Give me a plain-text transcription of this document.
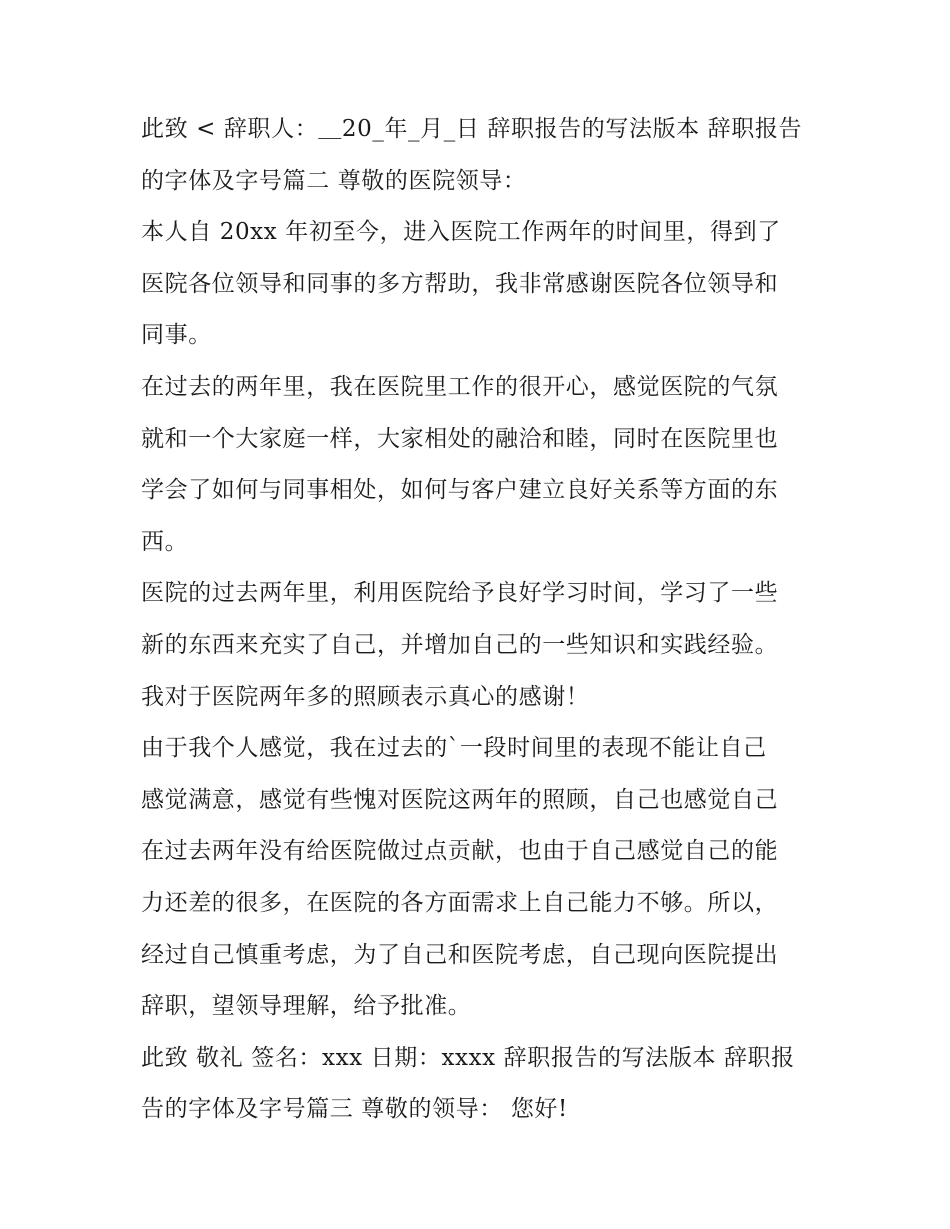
此致 < 辞职人：＿20_年_月_日 辞职报告的写法版本 辞职报告
的字体及字号篇二 尊敬的医院领导：

本人自 20xx 年初至今，进入医院工作两年的时间里，得到了
医院各位领导和同事的多方帮助，我非常感谢医院各位领导和
同事。

在过去的两年里，我在医院里工作的很开心，感觉医院的气氛
就和一个大家庭一样，大家相处的融洽和睦，同时在医院里也
学会了如何与同事相处，如何与客户建立良好关系等方面的东
西。

医院的过去两年里，利用医院给予良好学习时间，学习了一些
新的东西来充实了自己，并增加自己的一些知识和实践经验。
我对于医院两年多的照顾表示真心的感谢！

由于我个人感觉，我在过去的`一段时间里的表现不能让自己
感觉满意，感觉有些愧对医院这两年的照顾，自己也感觉自己
在过去两年没有给医院做过点贡献，也由于自己感觉自己的能
力还差的很多，在医院的各方面需求上自己能力不够。所以，
经过自己慎重考虑，为了自己和医院考虑，自己现向医院提出
辞职，望领导理解，给予批准。

此致 敬礼 签名：xxx 日期：xxxx 辞职报告的写法版本 辞职报
告的字体及字号篇三 尊敬的领导： 您好!
